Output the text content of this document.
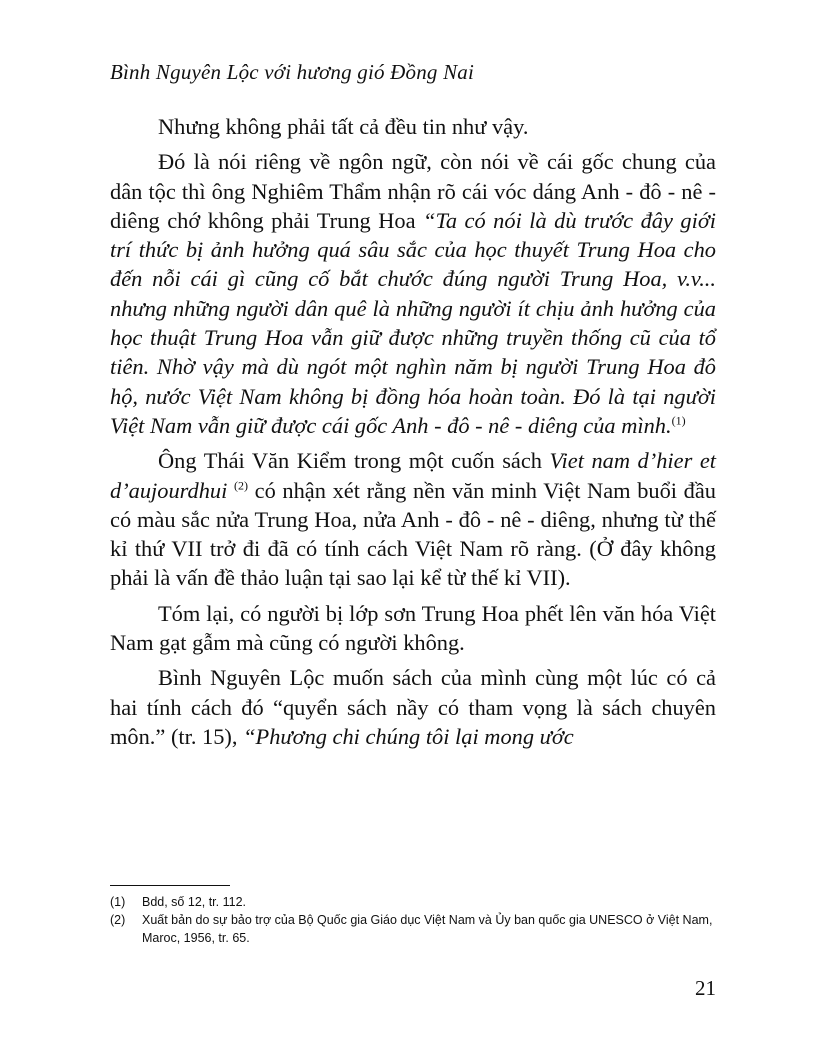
Bình Nguyên Lộc với hương gió Đồng Nai

Nhưng không phải tất cả đều tin như vậy.

Đó là nói riêng về ngôn ngữ, còn nói về cái gốc chung của dân tộc thì ông Nghiêm Thẩm nhận rõ cái vóc dáng Anh - đô - nê - diêng chớ không phải Trung Hoa “Ta có nói là dù trước đây giới trí thức bị ảnh hưởng quá sâu sắc của học thuyết Trung Hoa cho đến nỗi cái gì cũng cố bắt chước đúng người Trung Hoa, v.v... nhưng những người dân quê là những người ít chịu ảnh hưởng của học thuật Trung Hoa vẫn giữ được những truyền thống cũ của tổ tiên. Nhờ vậy mà dù ngót một nghìn năm bị người Trung Hoa đô hộ, nước Việt Nam không bị đồng hóa hoàn toàn. Đó là tại người Việt Nam vẫn giữ được cái gốc Anh - đô - nê - diêng của mình.$^{(1)}$

Ông Thái Văn Kiểm trong một cuốn sách Viet nam d’hier et d’aujourdhui $^{(2)}$ có nhận xét rằng nền văn minh Việt Nam buổi đầu có màu sắc nửa Trung Hoa, nửa Anh - đô - nê - diêng, nhưng từ thế kỉ thứ VII trở đi đã có tính cách Việt Nam rõ ràng. (Ở đây không phải là vấn đề thảo luận tại sao lại kể từ thế kỉ VII).

Tóm lại, có người bị lớp sơn Trung Hoa phết lên văn hóa Việt Nam gạt gẫm mà cũng có người không.

Bình Nguyên Lộc muốn sách của mình cùng một lúc có cả hai tính cách đó “quyển sách nầy có tham vọng là sách chuyên môn.” (tr. 15), “Phương chi chúng tôi lại mong ước

(1)	Bdd, số 12, tr. 112.
(2)	Xuất bản do sự bảo trợ của Bộ Quốc gia Giáo dục Việt Nam và Ủy ban quốc gia UNESCO ở Việt Nam, Maroc, 1956, tr. 65.
21
